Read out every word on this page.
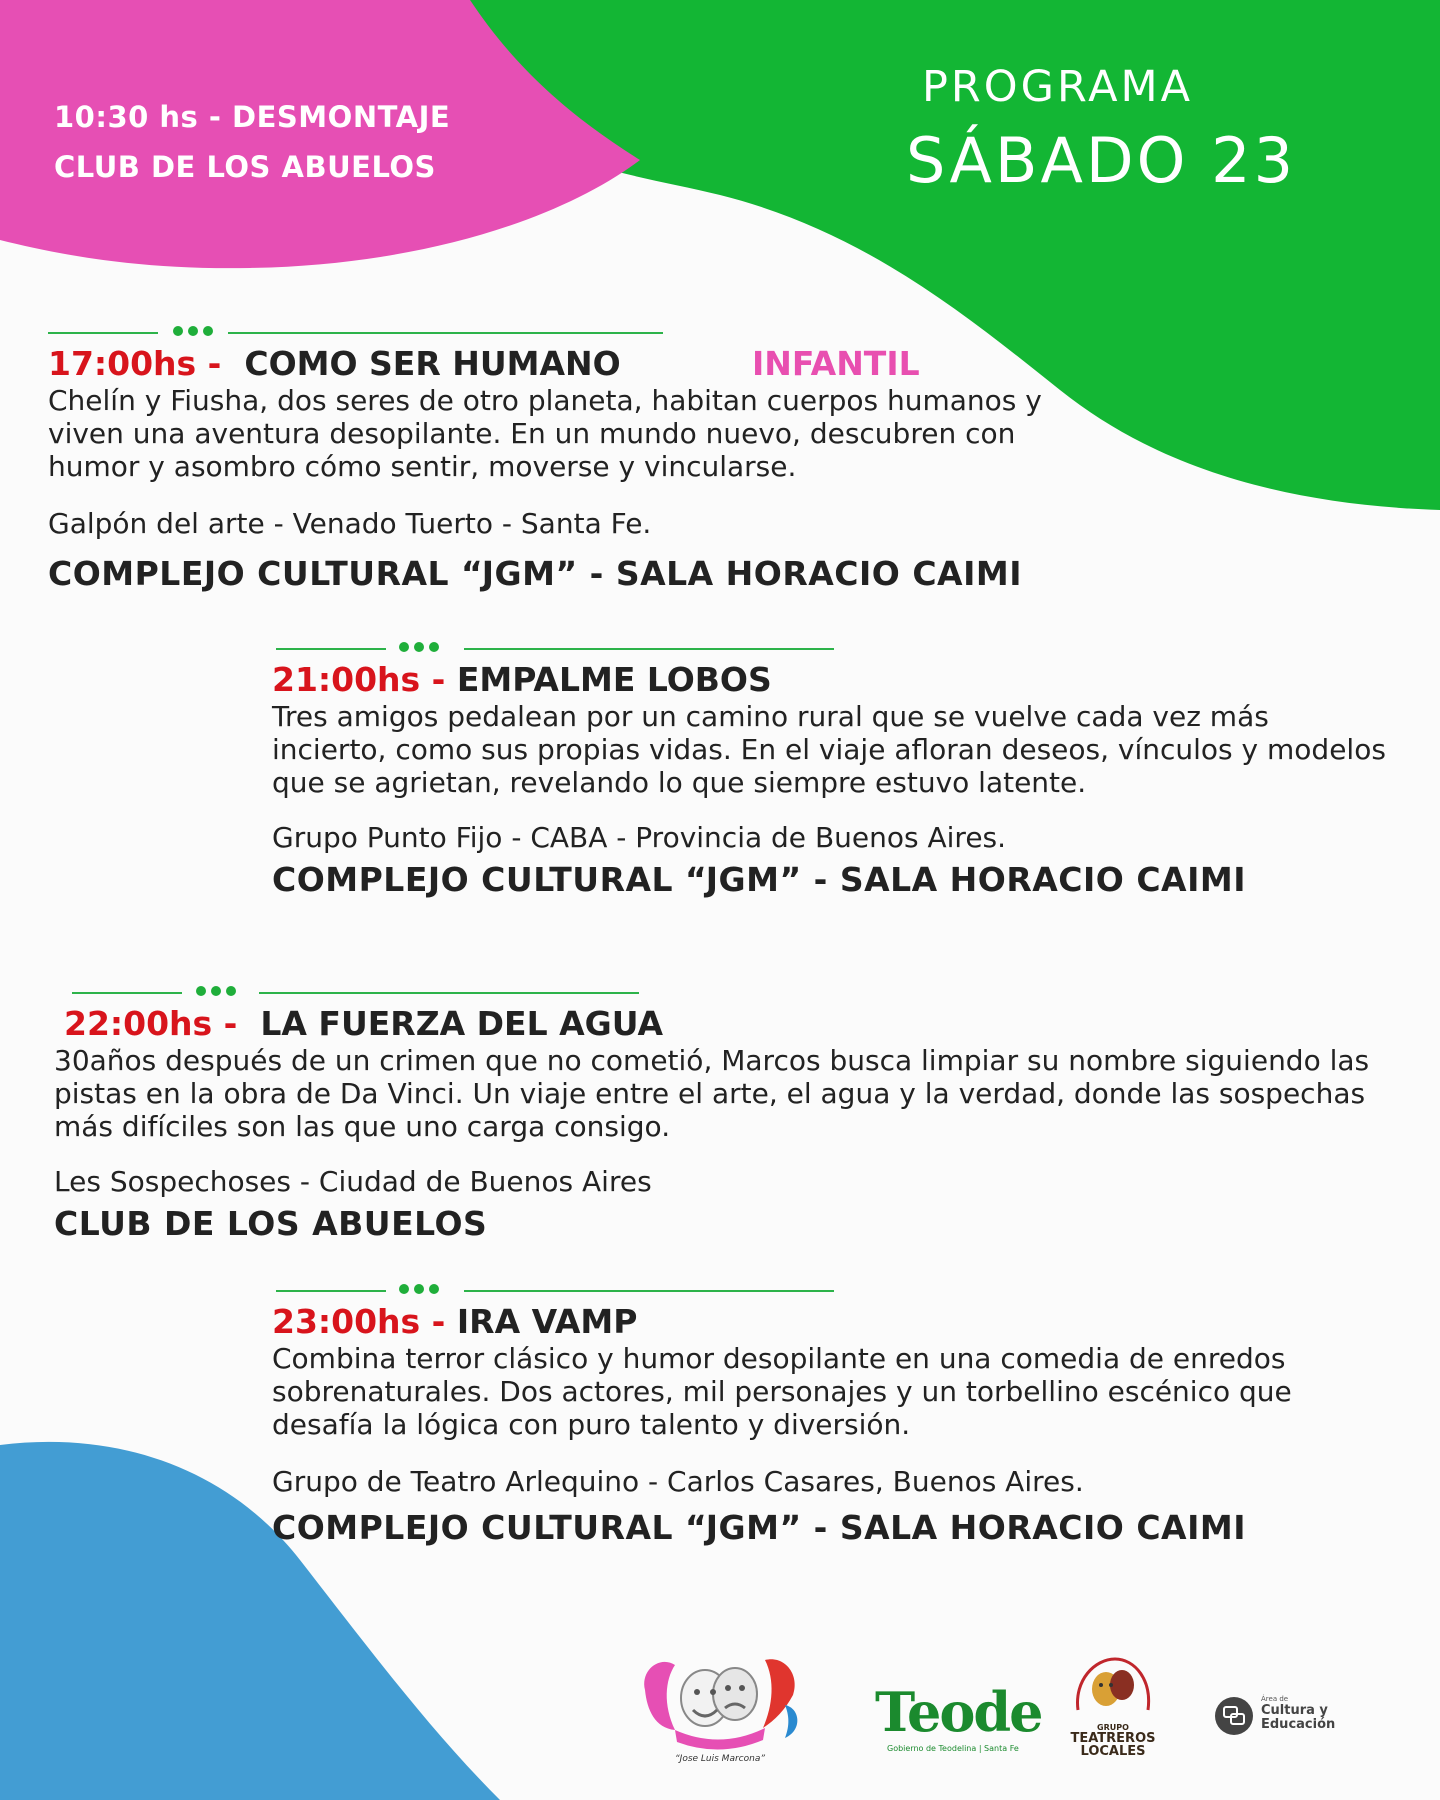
10:30 hs - DESMONTAJE
CLUB DE LOS ABUELOS
PROGRAMA
SÁBADO 23
17:00hs - COMO SER HUMANO	INFANTIL
Chelín y Fiusha, dos seres de otro planeta, habitan cuerpos humanos y viven una aventura desopilante. En un mundo nuevo, descubren con humor y asombro cómo sentir, moverse y vincularse.
Galpón del arte - Venado Tuerto - Santa Fe.
COMPLEJO CULTURAL “JGM” - SALA HORACIO CAIMI
21:00hs - EMPALME LOBOS
Tres amigos pedalean por un camino rural que se vuelve cada vez más incierto, como sus propias vidas. En el viaje afloran deseos, vínculos y modelos que se agrietan, revelando lo que siempre estuvo latente.
Grupo Punto Fijo - CABA - Provincia de Buenos Aires.
COMPLEJO CULTURAL “JGM” - SALA HORACIO CAIMI
22:00hs - LA FUERZA DEL AGUA
30años después de un crimen que no cometió, Marcos busca limpiar su nombre siguiendo las pistas en la obra de Da Vinci. Un viaje entre el arte, el agua y la verdad, donde las sospechas más difíciles son las que uno carga consigo.
Les Sospechoses - Ciudad de Buenos Aires
CLUB DE LOS ABUELOS
23:00hs - IRA VAMP
Combina terror clásico y humor desopilante en una comedia de enredos sobrenaturales. Dos actores, mil personajes y un torbellino escénico que desafía la lógica con puro talento y diversión.
Grupo de Teatro Arlequino - Carlos Casares, Buenos Aires.
COMPLEJO CULTURAL “JGM” - SALA HORACIO CAIMI
“Jose Luis Marcona”
Teode
Gobierno de Teodelina | Santa Fe
GRUPO
TEATREROS
LOCALES
Área de
Cultura y
Educación
